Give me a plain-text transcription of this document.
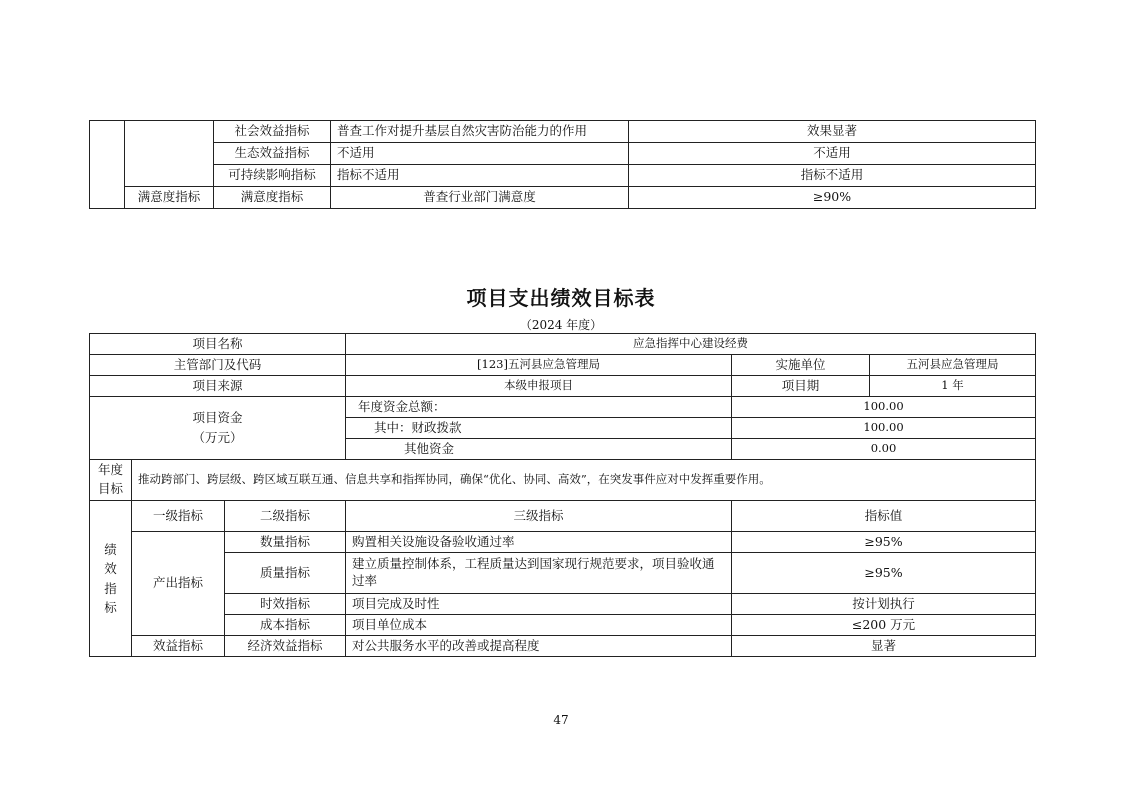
		社会效益指标	普查工作对提升基层自然灾害防治能力的作用	效果显著
		生态效益指标	不适用	不适用
		可持续影响指标	指标不适用	指标不适用
	满意度指标	满意度指标	普查行业部门满意度	≥90%
项目支出绩效目标表
（2024 年度）
项目名称			应急指挥中心建设经费		
主管部门及代码			[123]五河县应急管理局	实施单位	五河县应急管理局
项目来源			本级申报项目	项目期	1 年

项目资金
（万元）			年度资金总额：	100.00	
			其中：财政拨款	100.00	
			其他资金	0.00	

年度
目标	推动跨部门、跨层级、跨区域互联互通、信息共享和指挥协同，确保“优化、协同、高效”，在突发事件应对中发挥重要作用。				

绩
效
指
标	一级指标	二级指标	三级指标	指标值	
	产出指标	数量指标	购置相关设施设备验收通过率	≥95%	
		质量指标	建立质量控制体系，工程质量达到国家现行规范要求，项目验收通过率	≥95%	
		时效指标	项目完成及时性	按计划执行	
		成本指标	项目单位成本	≤200 万元	
	效益指标	经济效益指标	对公共服务水平的改善或提高程度	显著	
47
